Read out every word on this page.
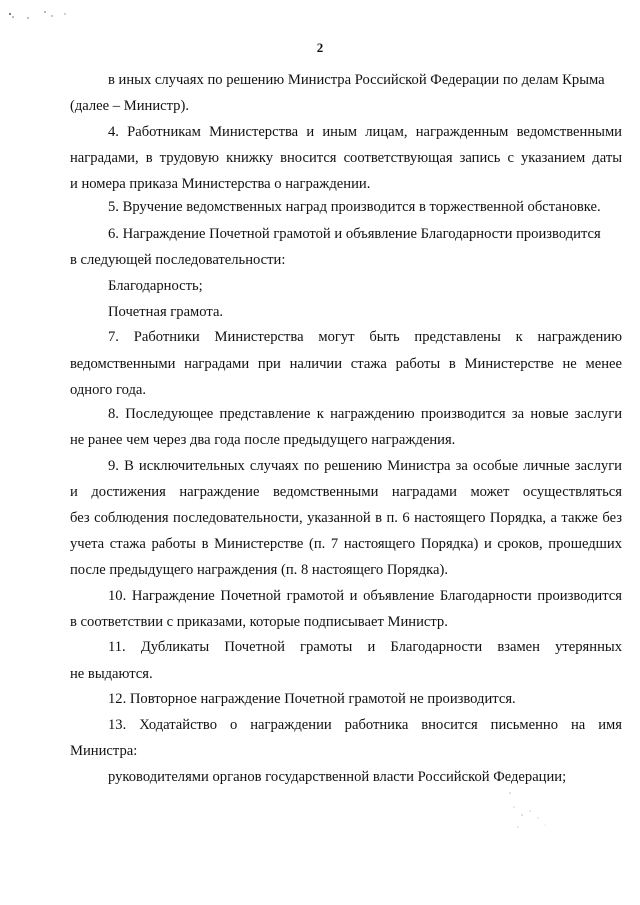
2
в иных случаях по решению Министра Российской Федерации по делам Крыма
(далее – Министр).
4. Работникам Министерства и иным лицам, награжденным ведомственными
наградами, в трудовую книжку вносится соответствующая запись с указанием даты
и номера приказа Министерства о награждении.
5. Вручение ведомственных наград производится в торжественной обстановке.
6. Награждение Почетной грамотой и объявление Благодарности производится
в следующей последовательности:
Благодарность;
Почетная грамота.
7. Работники Министерства могут быть представлены к награждению
ведомственными наградами при наличии стажа работы в Министерстве не менее
одного года.
8. Последующее представление к награждению производится за новые заслуги
не ранее чем через два года после предыдущего награждения.
9. В исключительных случаях по решению Министра за особые личные заслуги
и достижения награждение ведомственными наградами может осуществляться
без соблюдения последовательности, указанной в п. 6 настоящего Порядка, а также без
учета стажа работы в Министерстве (п. 7 настоящего Порядка) и сроков, прошедших
после предыдущего награждения (п. 8 настоящего Порядка).
10. Награждение Почетной грамотой и объявление Благодарности производится
в соответствии с приказами, которые подписывает Министр.
11. Дубликаты Почетной грамоты и Благодарности взамен утерянных
не выдаются.
12. Повторное награждение Почетной грамотой не производится.
13. Ходатайство о награждении работника вносится письменно на имя
Министра:
руководителями органов государственной власти Российской Федерации;
